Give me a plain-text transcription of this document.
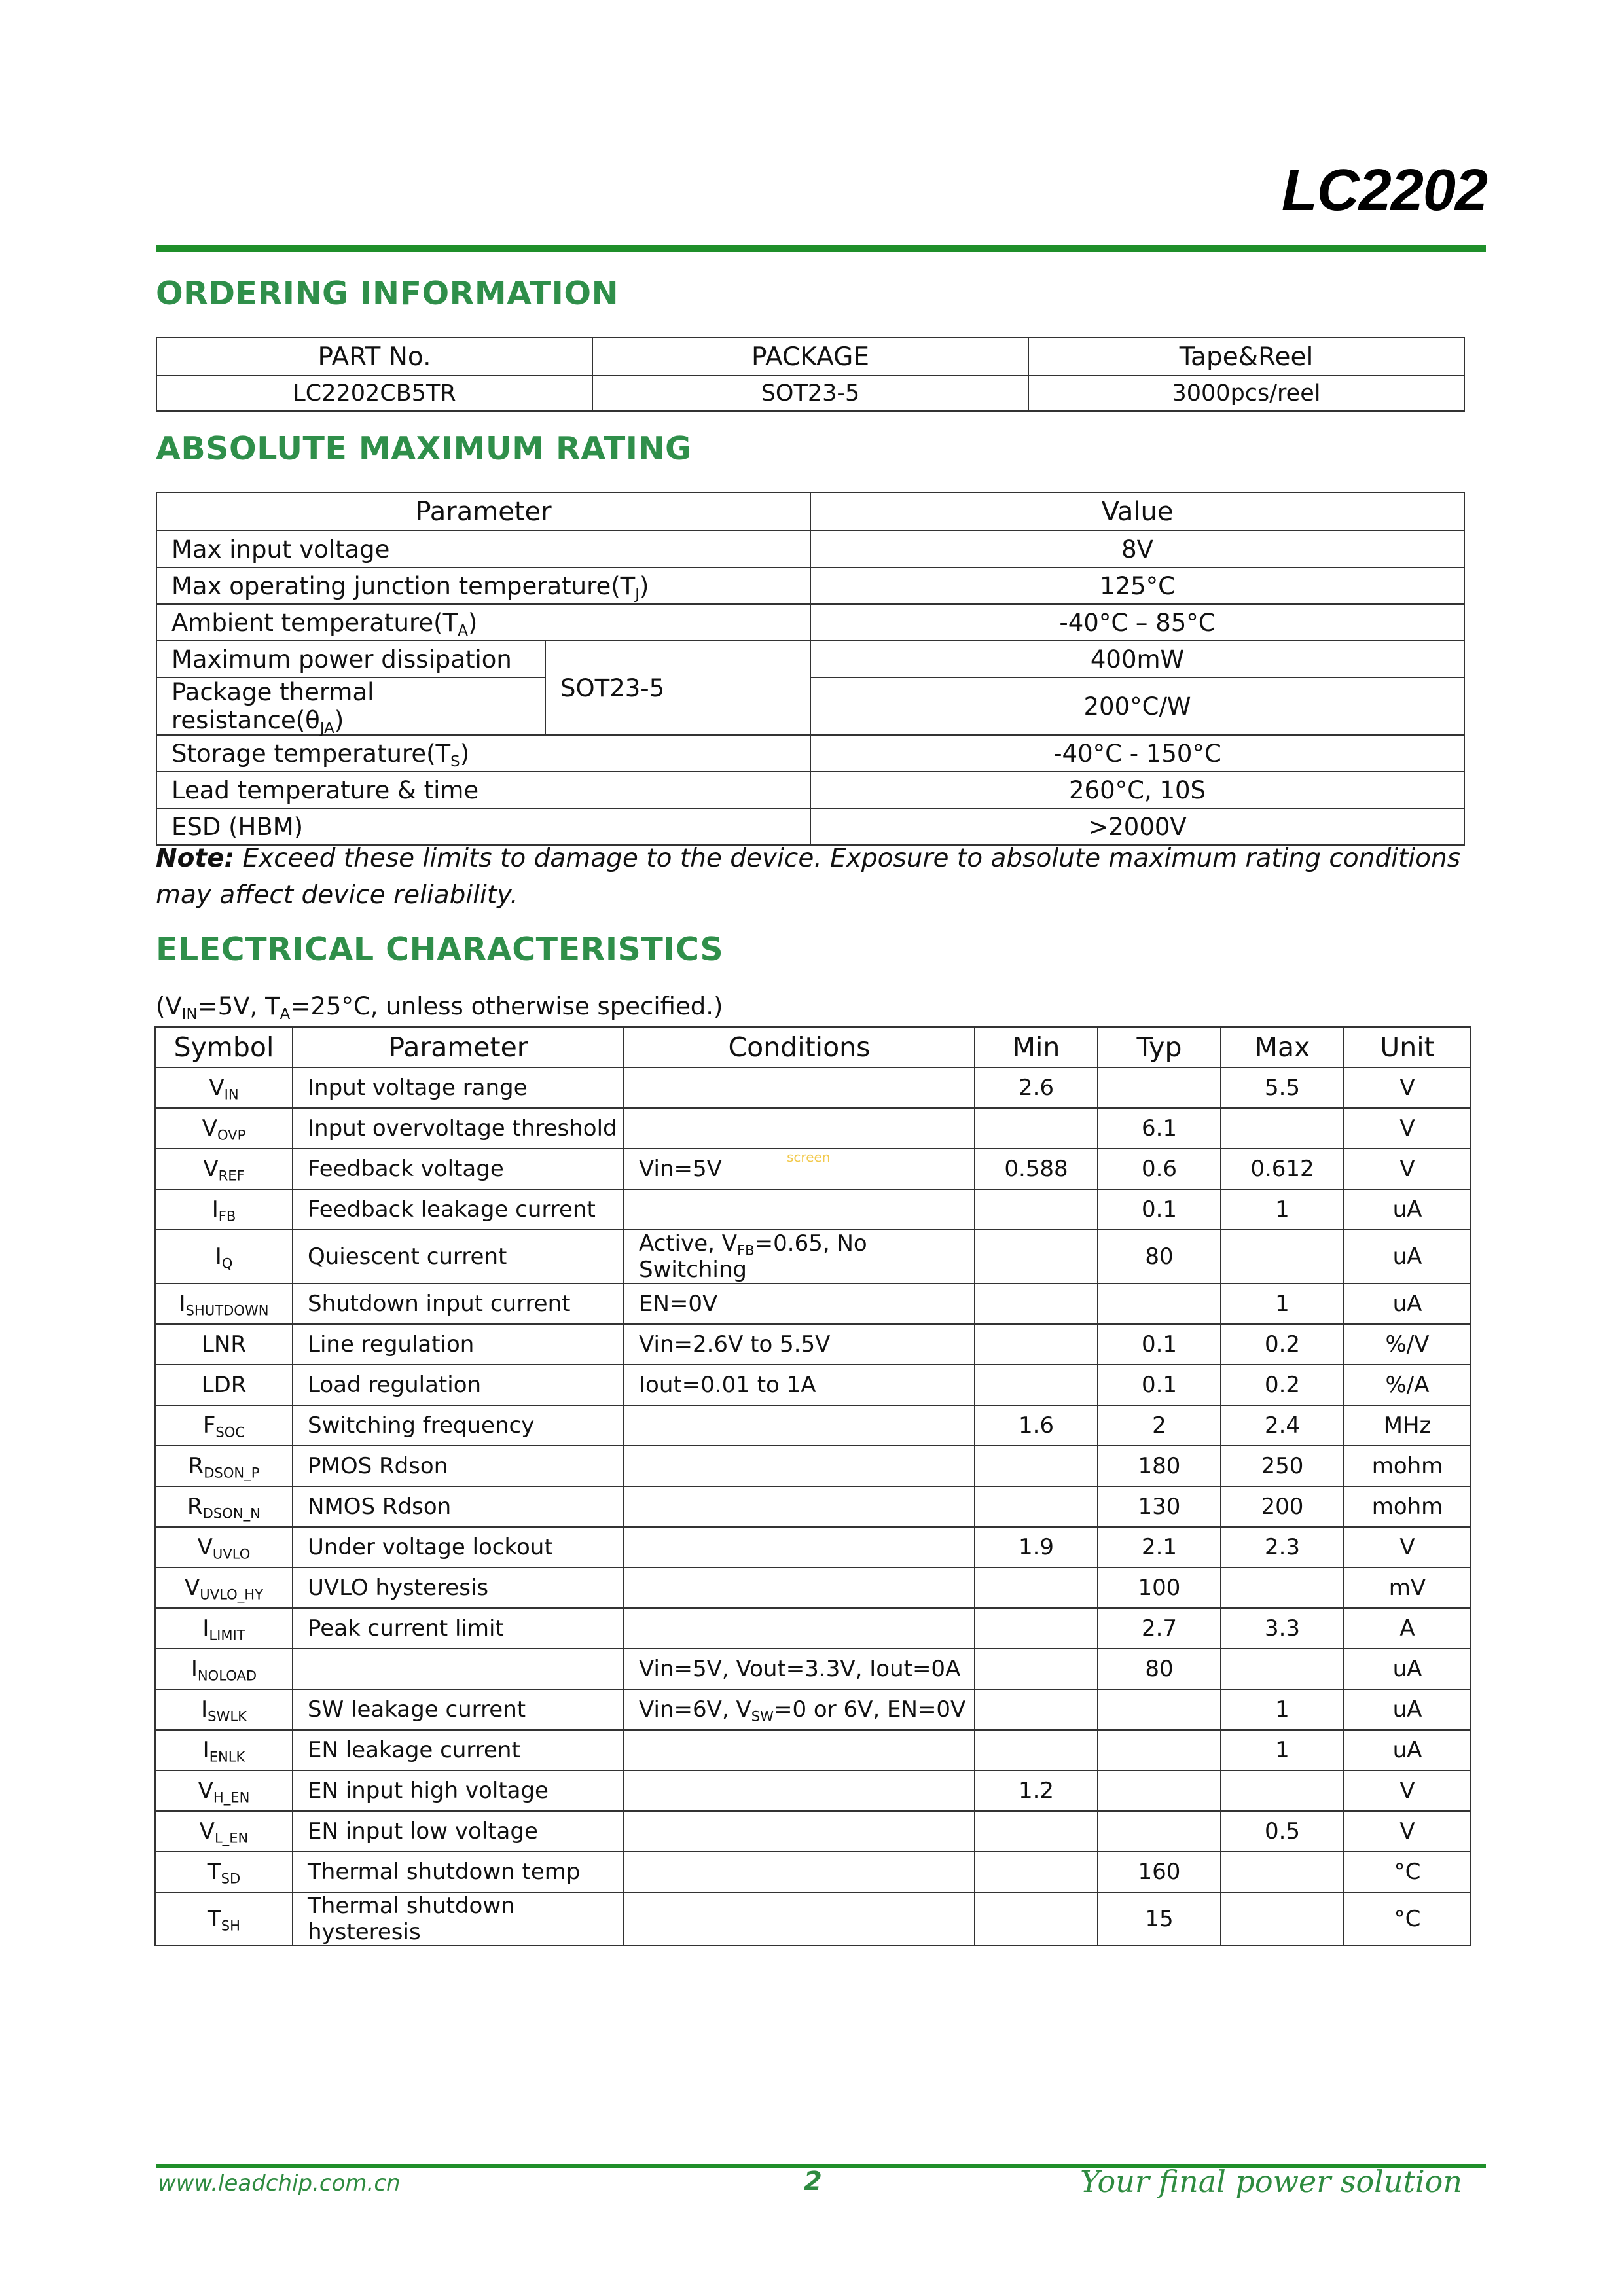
LC2202
ORDERING INFORMATION
PART No.	PACKAGE	Tape&Reel
LC2202CB5TR	SOT23-5	3000pcs/reel
ABSOLUTE MAXIMUM RATING
Parameter		Value
Max input voltage		8V
Max operating junction $temperature(T_J)$		125°C
Ambient $temperature(T_A)$		-40°C – 85°C
Maximum power dissipation	SOT23-5	400mW
Package thermal $resistance(\theta_{JA})$		200°C/W
Storage $temperature(T_S)$		-40°C - 150°C
Lead temperature & time		260°C, 10S
ESD (HBM)		>2000V
Note: Exceed these limits to damage to the device. Exposure to absolute maximum rating conditions may affect device reliability.
ELECTRICAL CHARACTERISTICS
($V_{IN}=5V$, $T_A=25^\circ C$, unless otherwise specified.)
Symbol	Parameter	Conditions	Min	Typ	Max	Unit
$V_{IN}$	Input voltage range		2.6		5.5	V
$V_{OVP}$	Input overvoltage threshold			6.1		V
$V_{REF}$	Feedback voltage	Vin=5V	0.588	0.6	0.612	V
$I_{FB}$	Feedback leakage current			0.1	1	uA
$I_Q$	Quiescent current	Active, $V_{FB}=0.65$, No Switching		80		uA
$I_{SHUTDOWN}$	Shutdown input current	EN=0V			1	uA
LNR	Line regulation	Vin=2.6V to 5.5V		0.1	0.2	%/V
LDR	Load regulation	Iout=0.01 to 1A		0.1	0.2	%/A
$F_{SOC}$	Switching frequency		1.6	2	2.4	MHz
$R_{DSON\_P}$	PMOS Rdson			180	250	mohm
$R_{DSON\_N}$	NMOS Rdson			130	200	mohm
$V_{UVLO}$	Under voltage lockout		1.9	2.1	2.3	V
$V_{UVLO\_HY}$	UVLO hysteresis			100		mV
$I_{LIMIT}$	Peak current limit			2.7	3.3	A
$I_{NOLOAD}$		Vin=5V, Vout=3.3V, Iout=0A		80		uA
$I_{SWLK}$	SW leakage current	Vin=6V, $V_{SW}=0$ or 6V, EN=0V			1	uA
$I_{ENLK}$	EN leakage current				1	uA
$V_{H\_EN}$	EN input high voltage		1.2			V
$V_{L\_EN}$	EN input low voltage				0.5	V
$T_{SD}$	Thermal shutdown temp			160		°C
$T_{SH}$	Thermal shutdown hysteresis			15		°C
screen
www.leadchip.com.cn	2	Your final power solution
